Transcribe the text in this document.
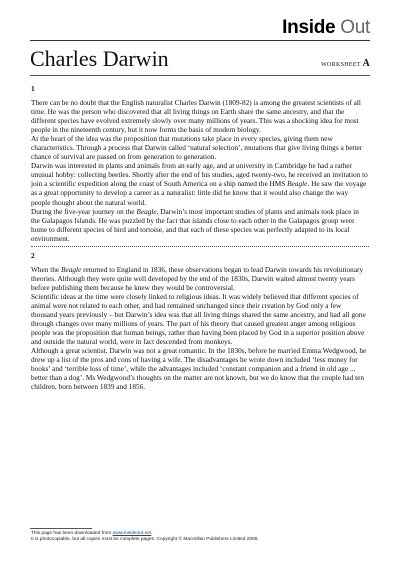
Inside Out
Charles Darwin	WORKSHEET A
1

There can be no doubt that the English naturalist Charles Darwin (1809-82) is among the greatest scientists of all time. He was the person who discovered that all living things on Earth share the same ancestry, and that the different species have evolved extremely slowly over many millions of years. This was a shocking idea for most people in the nineteenth century, but it now forms the basis of modern biology.

At the heart of the idea was the proposition that mutations take place in every species, giving them new characteristics. Through a process that Darwin called ‘natural selection’, mutations that give living things a better chance of survival are passed on from generation to generation.

Darwin was interested in plants and animals from an early age, and at university in Cambridge he had a rather unusual hobby: collecting beetles. Shortly after the end of his studies, aged twenty-two, he received an invitation to join a scientific expedition along the coast of South America on a ship named the HMS Beagle. He saw the voyage as a great opportunity to develop a career as a naturalist: little did he know that it would also change the way people thought about the natural world.

During the five-year journey on the Beagle, Darwin’s most important studies of plants and animals took place in the Galapagos Islands. He was puzzled by the fact that islands close to each other in the Galapagos group were home to different species of bird and tortoise, and that each of these species was perfectly adapted to its local environment.

2

When the Beagle returned to England in 1836, these observations began to lead Darwin towards his revolutionary theories. Although they were quite well developed by the end of the 1830s, Darwin waited almost twenty years before publishing them because he knew they would be controversial.

Scientific ideas at the time were closely linked to religious ideas. It was widely believed that different species of animal were not related to each other, and had remained unchanged since their creation by God only a few thousand years previously – but Darwin’s idea was that all living things shared the same ancestry, and had all gone through changes over many millions of years. The part of his theory that caused greatest anger among religious people was the proposition that human beings, rather than having been placed by God in a superior position above and outside the natural world, were in fact descended from monkeys.

Although a great scientist, Darwin was not a great romantic. In the 1830s, before he married Emma Wedgwood, he drew up a list of the pros and cons of having a wife. The disadvantages he wrote down included ‘less money for books’ and ‘terrible loss of time’, while the advantages included ‘constant companion and a friend in old age ... better than a dog’. Ms Wedgwood’s thoughts on the matter are not known, but we do know that the couple had ten children, born between 1839 and 1856.

This page has been downloaded from www.insideout.net.
It is photocopiable, but all copies must be complete pages. Copyright © Macmillan Publishers Limited 2006.
